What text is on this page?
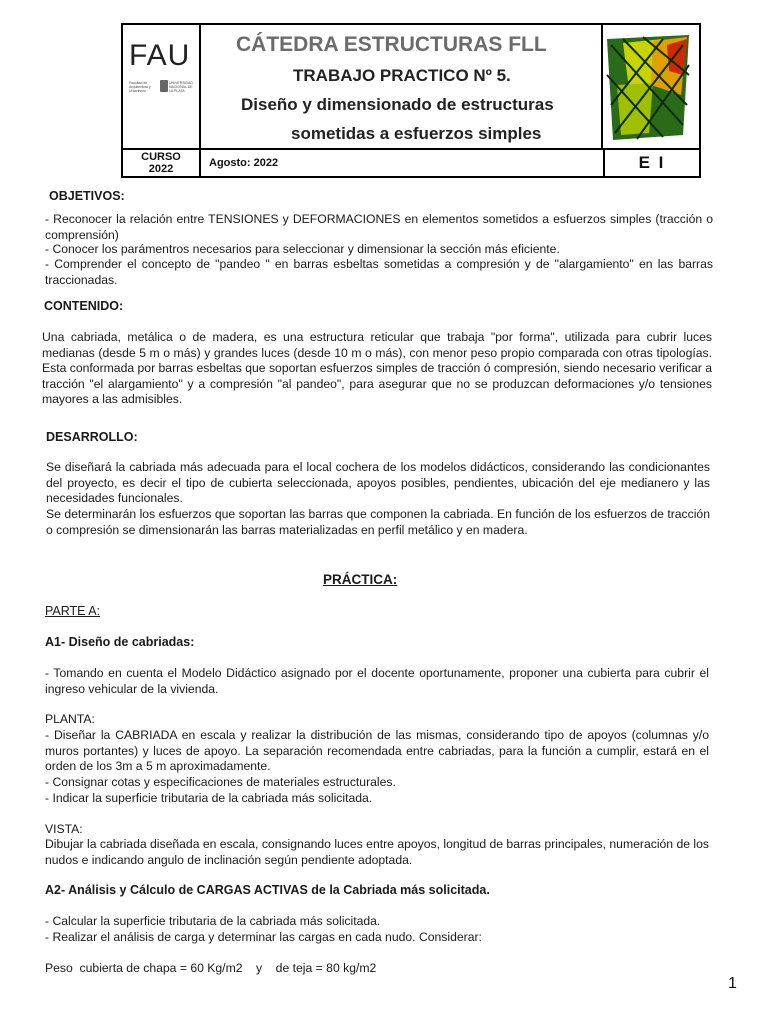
FAU
Facultad de Arquitectura y Urbanismo
UNIVERSIDAD NACIONAL DE LA PLATA
CÁTEDRA ESTRUCTURAS FLL
TRABAJO PRACTICO Nº 5.
Diseño y dimensionado de estructuras
sometidas a esfuerzos simples
CURSO
2022	Agosto: 2022	E I
OBJETIVOS:
- Reconocer la relación entre TENSIONES y DEFORMACIONES en elementos sometidos a esfuerzos simples (tracción o comprensión)
- Conocer los parámentros necesarios para seleccionar y dimensionar la sección más eficiente.
- Comprender el concepto de "pandeo " en barras esbeltas sometidas a compresión y de "alargamiento" en las barras traccionadas.
CONTENIDO:
Una cabriada, metálica o de madera, es una estructura reticular que trabaja "por forma", utilizada para cubrir luces medianas (desde 5 m o más) y grandes luces (desde 10 m o más), con menor peso propio comparada con otras tipologías. Esta conformada por barras esbeltas que soportan esfuerzos simples de tracción ó compresión, siendo necesario verificar a tracción "el alargamiento" y a compresión "al pandeo", para asegurar que no se produzcan deformaciones y/o tensiones mayores a las admisibles.
DESARROLLO:
Se diseñará la cabriada más adecuada para el local cochera de los modelos didácticos, considerando las condicionantes del proyecto, es decir el tipo de cubierta seleccionada, apoyos posibles, pendientes, ubicación del eje medianero y las necesidades funcionales.
Se determinarán los esfuerzos que soportan las barras que componen la cabriada. En función de los esfuerzos de tracción o compresión se dimensionarán las barras materializadas en perfil metálico y en madera.
PRÁCTICA:
PARTE A:
A1- Diseño de cabriadas:
- Tomando en cuenta el Modelo Didáctico asignado por el docente oportunamente, proponer una cubierta para cubrir el ingreso vehicular de la vivienda.
PLANTA:
- Diseñar la CABRIADA en escala y realizar la distribución de las mismas, considerando tipo de apoyos (columnas y/o muros portantes) y luces de apoyo. La separación recomendada entre cabriadas, para la función a cumplir, estará en el orden de los 3m a 5 m aproximadamente.
- Consignar cotas y especificaciones de materiales estructurales.
- Indicar la superficie tributaria de la cabriada más solicitada.
VISTA:
Dibujar la cabriada diseñada en escala, consignando luces entre apoyos, longitud de barras principales, numeración de los nudos e indicando angulo de inclinación según pendiente adoptada.
A2- Análisis y Cálculo de CARGAS ACTIVAS de la Cabriada más solicitada.
- Calcular la superficie tributaria de la cabriada más solicitada.
- Realizar el análisis de carga y determinar las cargas en cada nudo. Considerar:
Peso  cubierta de chapa = 60 Kg/m2    y    de teja = 80 kg/m2
1
